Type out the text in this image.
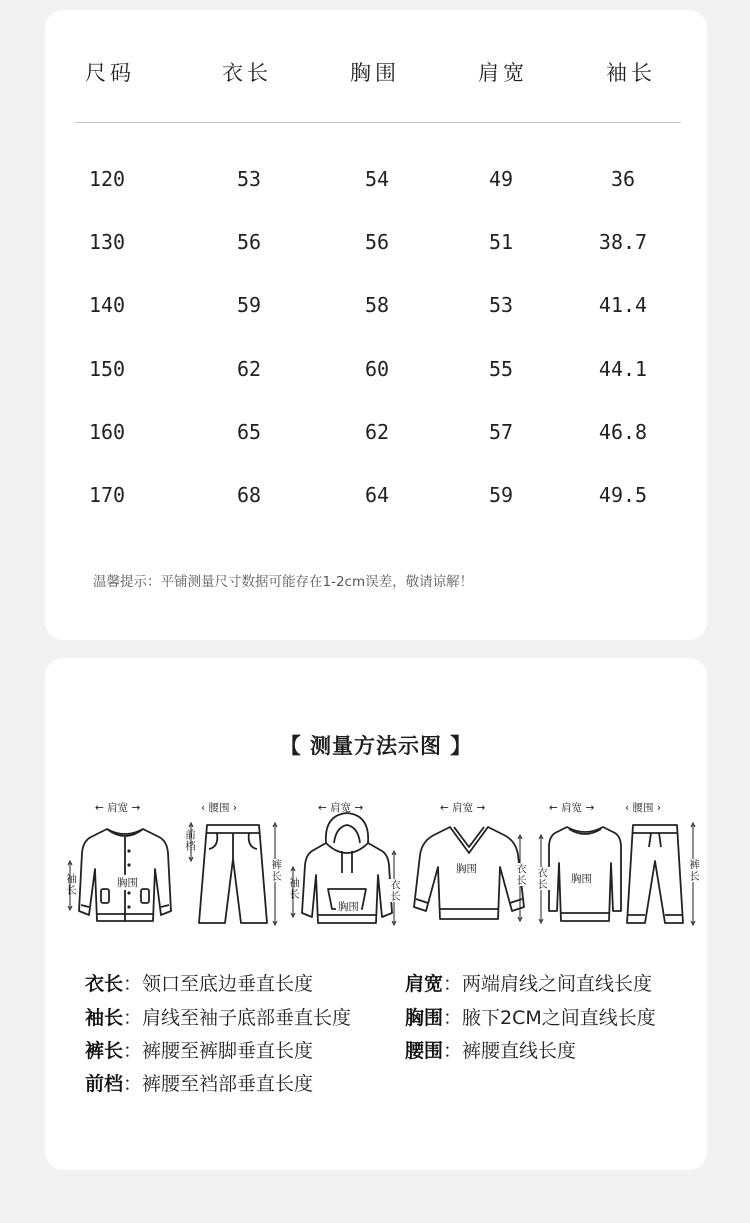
尺码	衣长	胸围	肩宽	袖长
120	53	54	49	36
130	56	56	51	38.7
140	59	58	53	41.4
150	62	60	55	44.1
160	65	62	57	46.8
170	68	64	59	49.5
温馨提示：平铺测量尺寸数据可能存在1-2cm误差，敬请谅解！
【 测量方法示图 】
← 肩宽 →
袖长	胸围
‹ 腰围 ›
前档
裤长
← 肩宽 →
袖长	衣长
胸围
← 肩宽 →
胸围	衣长
← 肩宽 →
衣长 胸围
‹ 腰围 ›
裤长
衣长：领口至底边垂直长度	肩宽：两端肩线之间直线长度
袖长：肩线至袖子底部垂直长度	胸围：腋下2CM之间直线长度
裤长：裤腰至裤脚垂直长度	腰围：裤腰直线长度
前档：裤腰至裆部垂直长度
